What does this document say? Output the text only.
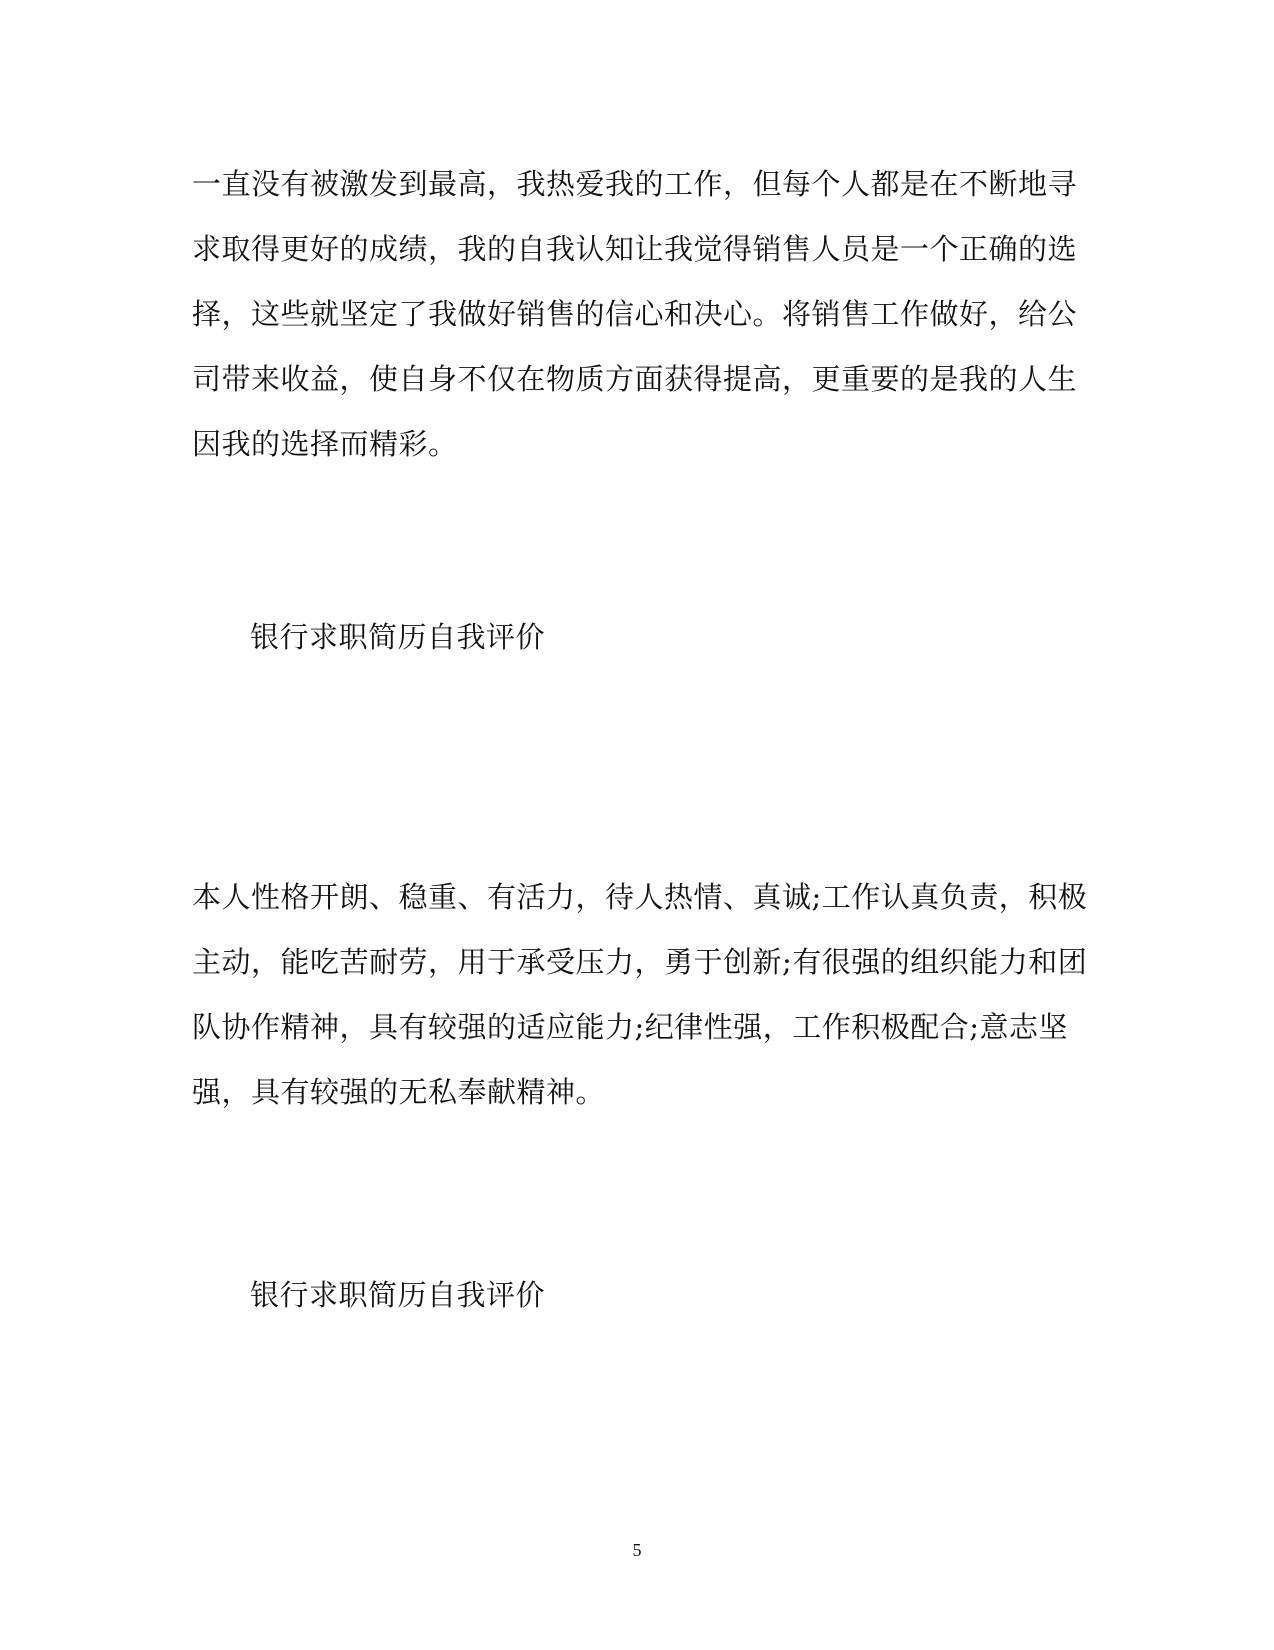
一直没有被激发到最高，我热爱我的工作，但每个人都是在不断地寻
求取得更好的成绩，我的自我认知让我觉得销售人员是一个正确的选
择，这些就坚定了我做好销售的信心和决心。将销售工作做好，给公
司带来收益，使自身不仅在物质方面获得提高，更重要的是我的人生
因我的选择而精彩。
银行求职简历自我评价
本人性格开朗、稳重、有活力，待人热情、真诚;工作认真负责，积极
主动，能吃苦耐劳，用于承受压力，勇于创新;有很强的组织能力和团
队协作精神，具有较强的适应能力;纪律性强，工作积极配合;意志坚
强，具有较强的无私奉献精神。
银行求职简历自我评价
5
